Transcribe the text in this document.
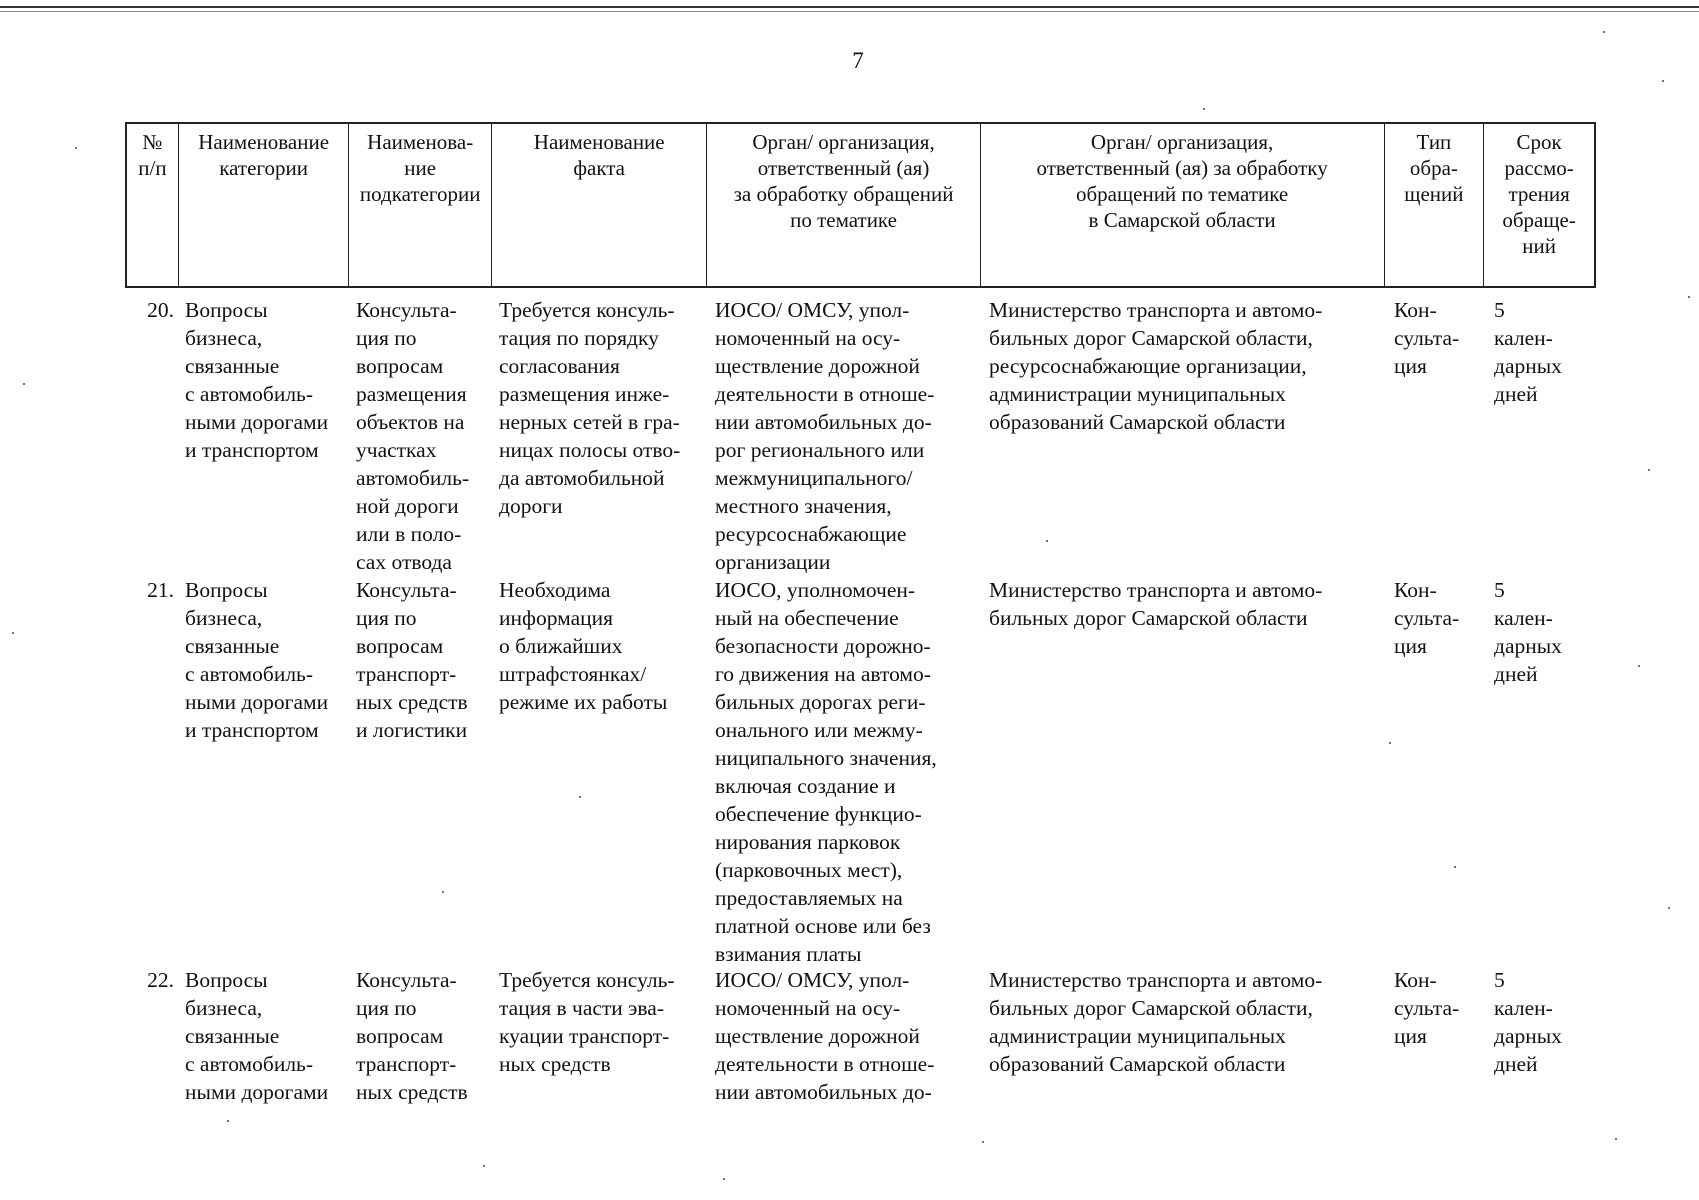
7
№
п/п
Наименование
категории
Наименова-
ние
подкатегории
Наименование
факта
Орган/ организация,
ответственный (ая)
за обработку обращений
по тематике
Орган/ организация,
ответственный (ая) за обработку
обращений по тематике
в Самарской области
Тип
обра-
щений
Срок
рассмо-
трения
обраще-
ний
20. Вопросы
бизнеса,
связанные
с автомобиль-
ными дорогами
и транспортом
Консульта-
ция по
вопросам
размещения
объектов на
участках
автомобиль-
ной дороги
или в поло-
сах отвода
Требуется консуль-
тация по порядку
согласования
размещения инже-
нерных сетей в гра-
ницах полосы отво-
да автомобильной
дороги
ИОСО/ ОМСУ, упол-
номоченный на осу-
ществление дорожной
деятельности в отноше-
нии автомобильных до-
рог регионального или
межмуниципального/
местного значения,
ресурсоснабжающие
организации
Министерство транспорта и автомо-
бильных дорог Самарской области,
ресурсоснабжающие организации,
администрации муниципальных
образований Самарской области
Кон-
сульта-
ция
5
кален-
дарных
дней
21. Вопросы
бизнеса,
связанные
с автомобиль-
ными дорогами
и транспортом
Консульта-
ция по
вопросам
транспорт-
ных средств
и логистики
Необходима
информация
о ближайших
штрафстоянках/
режиме их работы
ИОСО, уполномочен-
ный на обеспечение
безопасности дорожно-
го движения на автомо-
бильных дорогах реги-
онального или межму-
ниципального значения,
включая создание и
обеспечение функцио-
нирования парковок
(парковочных мест),
предоставляемых на
платной основе или без
взимания платы
Министерство транспорта и автомо-
бильных дорог Самарской области
Кон-
сульта-
ция
5
кален-
дарных
дней
22. Вопросы
бизнеса,
связанные
с автомобиль-
ными дорогами
Консульта-
ция по
вопросам
транспорт-
ных средств
Требуется консуль-
тация в части эва-
куации транспорт-
ных средств
ИОСО/ ОМСУ, упол-
номоченный на осу-
ществление дорожной
деятельности в отноше-
нии автомобильных до-
Министерство транспорта и автомо-
бильных дорог Самарской области,
администрации муниципальных
образований Самарской области
Кон-
сульта-
ция
5
кален-
дарных
дней
